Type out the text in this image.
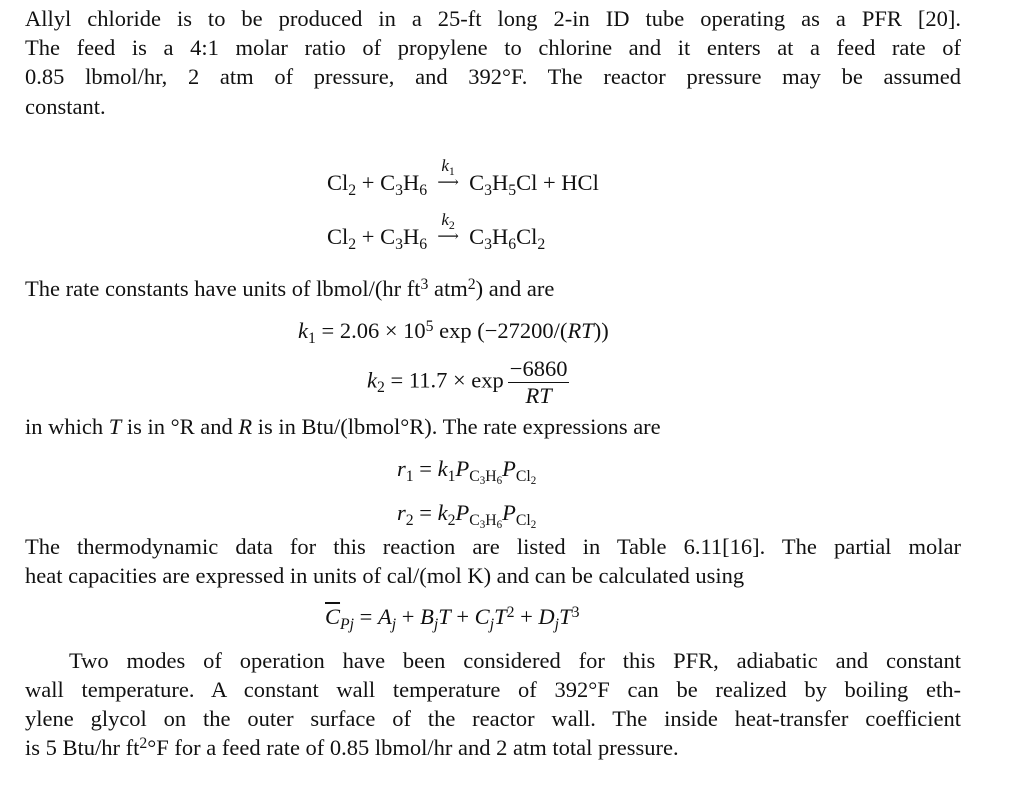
Allyl chloride is to be produced in a 25-ft long 2-in ID tube operating as a PFR [20].
The feed is a 4:1 molar ratio of propylene to chlorine and it enters at a feed rate of
0.85 lbmol/hr, 2 atm of pressure, and 392°F. The reactor pressure may be assumed
constant.
$Cl_2 + C_3H_6$
$k_1$
⟶ $C_3H_5Cl$ + HCl
$Cl_2 + C_3H_6$
$k_2$
⟶ $C_3H_6Cl_2$
The rate constants have units of lbmol/(hr $ft^3$ atm$^2$) and are
$k_1 = 2.06 \times 10^5$ exp (−27200/(RT))
$k_2 = 11.7 \times \exp \frac{-6860}{RT}$
in which T is in °R and R is in Btu/(lbmol°R). The rate expressions are
$r_1 = k_1P_{C_3H_6}P_{Cl_2}$
$r_2 = k_2P_{C_3H_6}P_{Cl_2}$
The thermodynamic data for this reaction are listed in Table 6.11[16]. The partial molar
heat capacities are expressed in units of cal/(mol K) and can be calculated using
$\overline{C}_{Pj} = A_j + B_jT + C_jT^2 + D_jT^3$
Two modes of operation have been considered for this PFR, adiabatic and constant
wall temperature. A constant wall temperature of 392°F can be realized by boiling eth-
ylene glycol on the outer surface of the reactor wall. The inside heat-transfer coefficient
is 5 Btu/hr $ft^2^\circ F$ for a feed rate of 0.85 lbmol/hr and 2 atm total pressure.
